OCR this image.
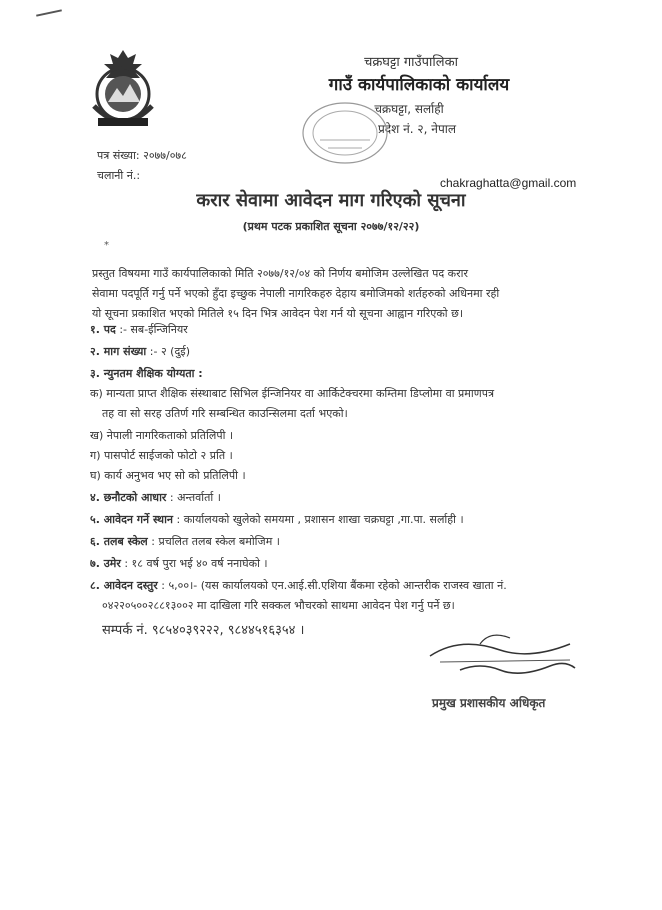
चक्रघट्टा गाउँपालिका
गाउँ कार्यपालिकाको कार्यालय
चक्रघट्टा, सर्लाही
प्रदेश नं. २, नेपाल
पत्र संख्या: २०७७/०७८
चलानी नं.:
chakraghatta@gmail.com
करार सेवामा आवेदन माग गरिएको सूचना
(प्रथम पटक प्रकाशित सूचना २०७७/१२/२२)
*
प्रस्तुत विषयमा गाउँ कार्यपालिकाको मिति २०७७/१२/०४ को निर्णय बमोजिम उल्लेखित पद करार
सेवामा पदपूर्ति गर्नु पर्ने भएको हुँदा इच्छुक नेपाली नागरिकहरु देहाय बमोजिमको शर्तहरुको अधिनमा रही
यो सूचना प्रकाशित भएको मितिले १५ दिन भित्र आवेदन पेश गर्न यो सूचना आह्वान गरिएको छ।
१. पद :- सब-ईन्जिनियर
२. माग संख्या :- २ (दुई)
३. न्युनतम शैक्षिक योग्यता :
क) मान्यता प्राप्त शैक्षिक संस्थाबाट सिभिल ईन्जिनियर वा आर्किटेक्चरमा कम्तिमा डिप्लोमा वा प्रमाणपत्र
तह वा सो सरह उतिर्ण गरि सम्बन्धित काउन्सिलमा दर्ता भएको।
ख) नेपाली नागरिकताको प्रतिलिपी ।
ग) पासपोर्ट साईजको फोटो २ प्रति ।
घ) कार्य अनुभव भए सो को प्रतिलिपी ।
४. छनौटको आधार : अन्तर्वार्ता ।
५. आवेदन गर्ने स्थान : कार्यालयको खुलेको समयमा , प्रशासन शाखा चक्रघट्टा ,गा.पा. सर्लाही ।
६. तलब स्केल : प्रचलित तलब स्केल बमोजिम ।
७. उमेर : १८ वर्ष पुरा भई ४० वर्ष ननाघेको ।
८. आवेदन दस्तुर : ५,००।- (यस कार्यालयको एन.आई.सी.एशिया बैंकमा रहेको आन्तरीक राजस्व खाता नं.
०४२२०५००२८८१३००२ मा दाखिला गरि सक्कल भौचरको साथमा आवेदन पेश गर्नु पर्ने छ।
सम्पर्क नं. ९८५४०३९२२२, ९८४४५१६३५४ ।
प्रमुख प्रशासकीय अधिकृत
